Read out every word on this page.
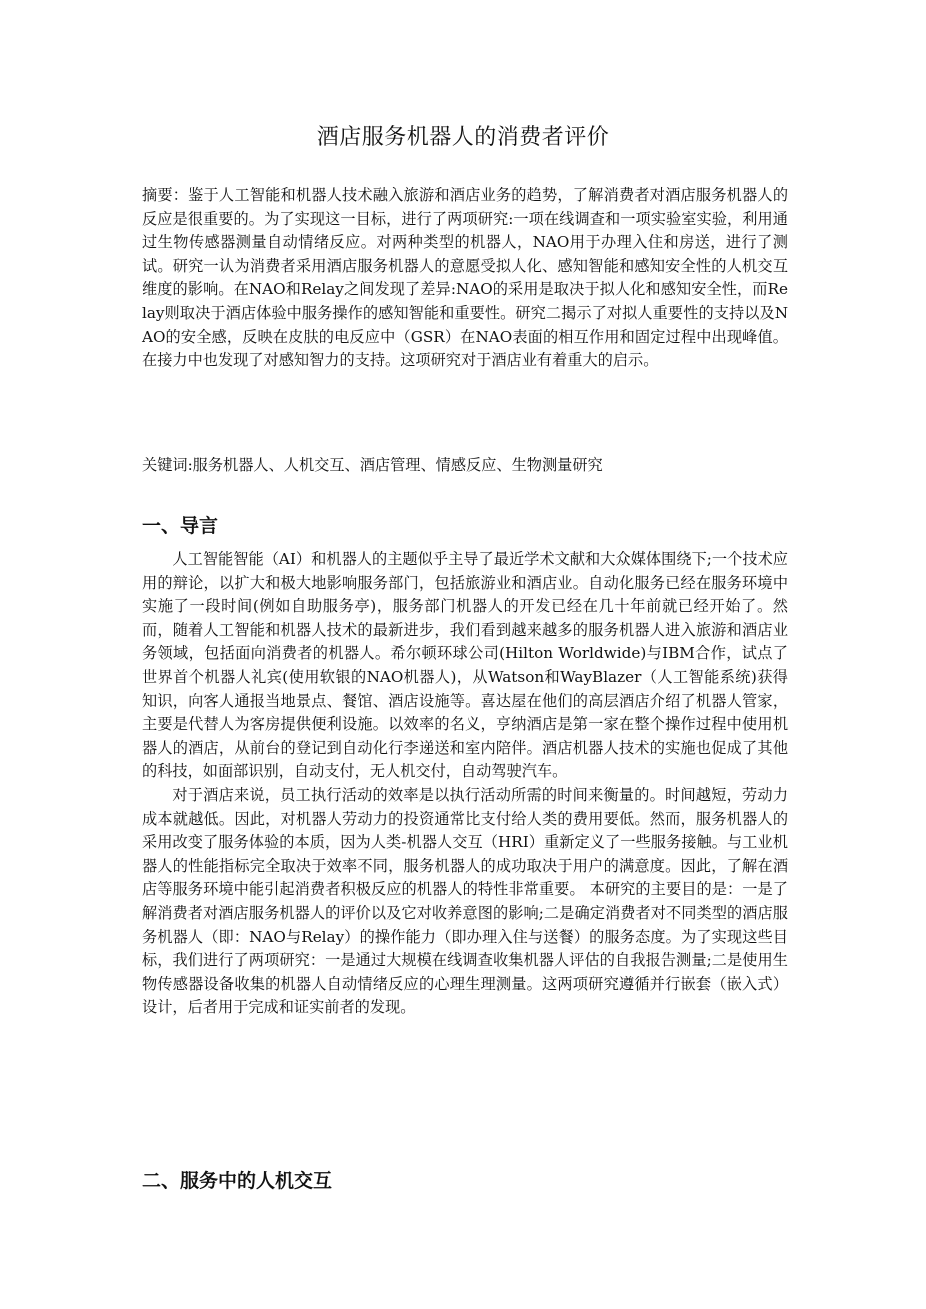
酒店服务机器人的消费者评价

摘要：鉴于人工智能和机器人技术融入旅游和酒店业务的趋势，了解消费者对酒店服务机器人的反应是很重要的。为了实现这一目标，进行了两项研究:一项在线调查和一项实验室实验，利用通过生物传感器测量自动情绪反应。对两种类型的机器人，NAO用于办理入住和房送，进行了测试。研究一认为消费者采用酒店服务机器人的意愿受拟人化、感知智能和感知安全性的人机交互维度的影响。在NAO和Relay之间发现了差异:NAO的采用是取决于拟人化和感知安全性，而Relay则取决于酒店体验中服务操作的感知智能和重要性。研究二揭示了对拟人重要性的支持以及NAO的安全感，反映在皮肤的电反应中（GSR）在NAO表面的相互作用和固定过程中出现峰值。在接力中也发现了对感知智力的支持。这项研究对于酒店业有着重大的启示。

关键词:服务机器人、人机交互、酒店管理、情感反应、生物测量研究

一、导言

人工智能智能（AI）和机器人的主题似乎主导了最近学术文献和大众媒体围绕下;一个技术应用的辩论，以扩大和极大地影响服务部门，包括旅游业和酒店业。自动化服务已经在服务环境中实施了一段时间(例如自助服务亭)，服务部门机器人的开发已经在几十年前就已经开始了。然而，随着人工智能和机器人技术的最新进步，我们看到越来越多的服务机器人进入旅游和酒店业务领域，包括面向消费者的机器人。希尔顿环球公司(Hilton Worldwide)与IBM合作，试点了世界首个机器人礼宾(使用软银的NAO机器人)，从Watson和WayBlazer（人工智能系统)获得知识，向客人通报当地景点、餐馆、酒店设施等。喜达屋在他们的高层酒店介绍了机器人管家，主要是代替人为客房提供便利设施。以效率的名义，亨纳酒店是第一家在整个操作过程中使用机器人的酒店，从前台的登记到自动化行李递送和室内陪伴。酒店机器人技术的实施也促成了其他的科技，如面部识别，自动支付，无人机交付，自动驾驶汽车。

对于酒店来说，员工执行活动的效率是以执行活动所需的时间来衡量的。时间越短，劳动力成本就越低。因此，对机器人劳动力的投资通常比支付给人类的费用要低。然而，服务机器人的采用改变了服务体验的本质，因为人类-机器人交互（HRI）重新定义了一些服务接触。与工业机器人的性能指标完全取决于效率不同，服务机器人的成功取决于用户的满意度。因此，了解在酒店等服务环境中能引起消费者积极反应的机器人的特性非常重要。 本研究的主要目的是：一是了解消费者对酒店服务机器人的评价以及它对收养意图的影响;二是确定消费者对不同类型的酒店服务机器人（即：NAO与Relay）的操作能力（即办理入住与送餐）的服务态度。为了实现这些目标，我们进行了两项研究：一是通过大规模在线调查收集机器人评估的自我报告测量;二是使用生物传感器设备收集的机器人自动情绪反应的心理生理测量。这两项研究遵循并行嵌套（嵌入式）设计，后者用于完成和证实前者的发现。

二、服务中的人机交互
